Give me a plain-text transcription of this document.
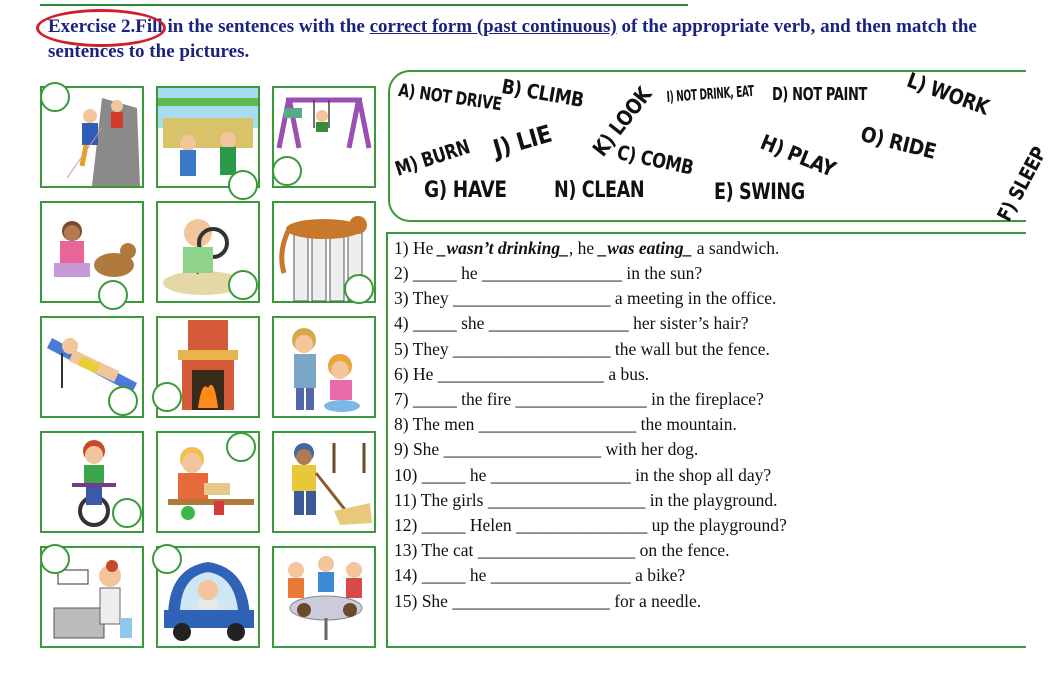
Exercise 2.Fill in the sentences with the correct form (past continuous) of the appropriate verb, and then match the sentences to the pictures.
A) NOT DRIVE
B) CLIMB K) LOOK I) NOT DRINK, EAT D) NOT PAINT L) WORK
M) BURN J) LIE	C) COMB	H) PLAY O) RIDE	F) SLEEP
G) HAVE N) CLEAN	E) SWING
1) He _wasn’t drinking_, he _was eating_ a sandwich.
2) _____ he ________________ in the sun?
3) They __________________ a meeting in the office.
4) _____ she ________________ her sister’s hair?
5) They __________________ the wall but the fence.
6) He ___________________ a bus.
7) _____ the fire _______________ in the fireplace?
8) The men __________________ the mountain.
9) She __________________ with her dog.
10) _____ he ________________ in the shop all day?
11) The girls __________________ in the playground.
12) _____ Helen _______________ up the playground?
13) The cat __________________ on the fence.
14) _____ he ________________ a bike?
15) She __________________ for a needle.
